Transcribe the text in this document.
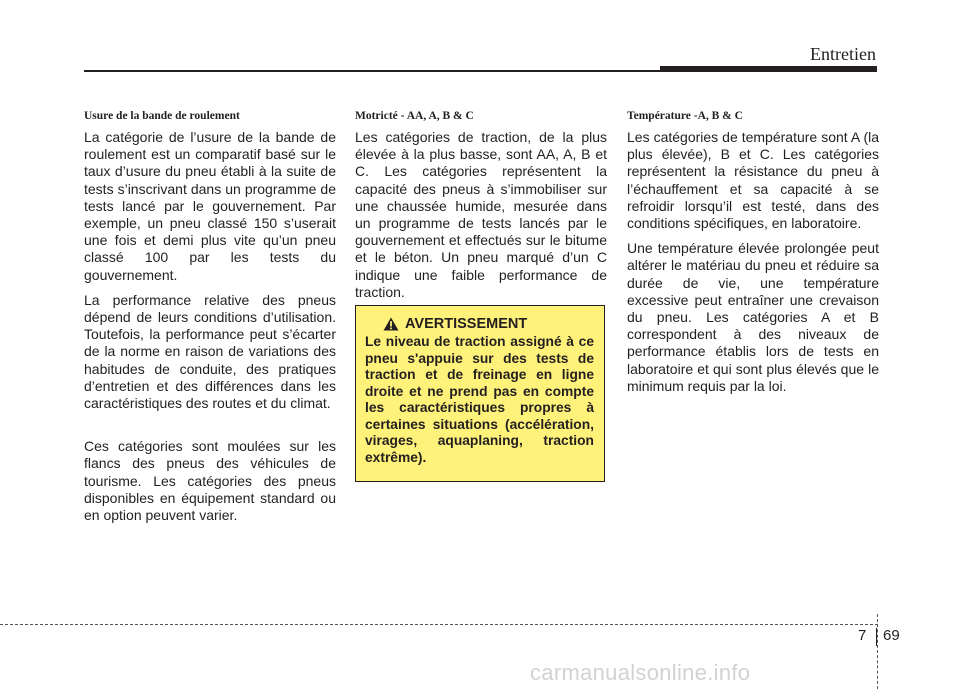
Entretien
Usure de la bande de roulement

La catégorie de l’usure de la bande de roulement est un comparatif basé sur le taux d’usure du pneu établi à la suite de tests s’inscrivant dans un programme de tests lancé par le gouvernement. Par exemple, un pneu classé 150 s’userait une fois et demi plus vite qu’un pneu classé 100 par les tests du gouvernement.

La performance relative des pneus dépend de leurs conditions d’utilisation. Toutefois, la performance peut s’écarter de la norme en raison de variations des habitudes de conduite, des pratiques d’entretien et des différences dans les caractéristiques des routes et du climat.

Ces catégories sont moulées sur les flancs des pneus des véhicules de tourisme. Les catégories des pneus disponibles en équipement standard ou en option peuvent varier.

Motricté - AA, A, B & C

Les catégories de traction, de la plus élevée à la plus basse, sont AA, A, B et C. Les catégories représentent la capacité des pneus à s’immobiliser sur une chaussée humide, mesurée dans un programme de tests lancés par le gouvernement et effectués sur le bitume et le béton. Un pneu marqué d’un C indique une faible performance de traction.

AVERTISSEMENT

Le niveau de traction assigné à ce pneu s'appuie sur des tests de traction et de freinage en ligne droite et ne prend pas en compte les caractéristiques propres à certaines situations (accélération, virages, aquaplaning, traction extrême).

Température -A, B & C

Les catégories de température sont A (la plus élevée), B et C. Les catégories représentent la résistance du pneu à l’échauffement et sa capacité à se refroidir lorsqu’il est testé, dans des conditions spécifiques, en laboratoire.

Une température élevée prolongée peut altérer le matériau du pneu et réduire sa durée de vie, une température excessive peut entraîner une crevaison du pneu. Les catégories A et B correspondent à des niveaux de performance établis lors de tests en laboratoire et qui sont plus élevés que le minimum requis par la loi.

7 69
carmanualsonline.info
